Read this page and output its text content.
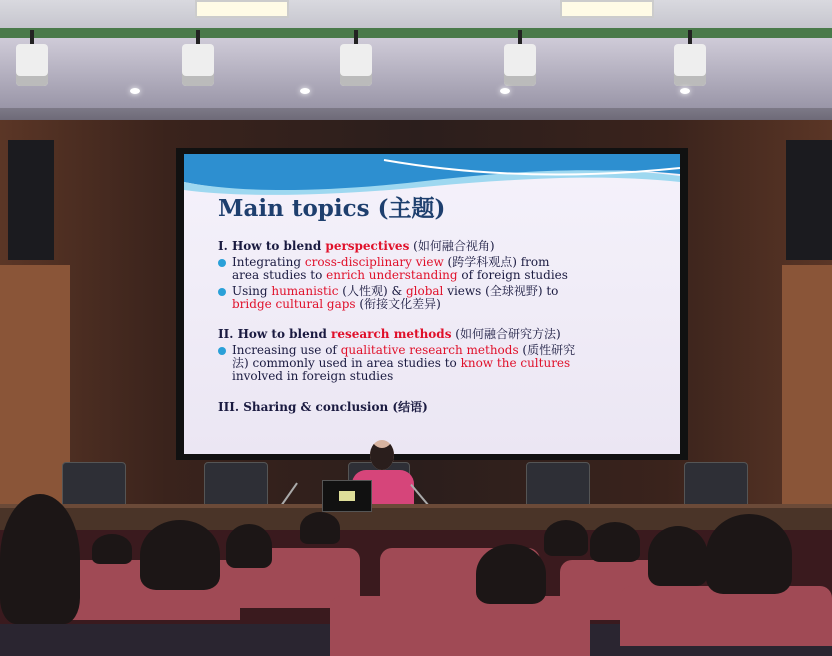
Main topics (主题)
I. How to blend perspectives (如何融合视角)
Integrating cross-disciplinary view (跨学科观点) from
area studies to enrich understanding of foreign studies
Using humanistic (人性观) & global views (全球视野) to
bridge cultural gaps (衔接文化差异)
II. How to blend research methods (如何融合研究方法)
Increasing use of qualitative research methods (质性研究
法) commonly used in area studies to know the cultures
involved in foreign studies
III. Sharing & conclusion (结语)
